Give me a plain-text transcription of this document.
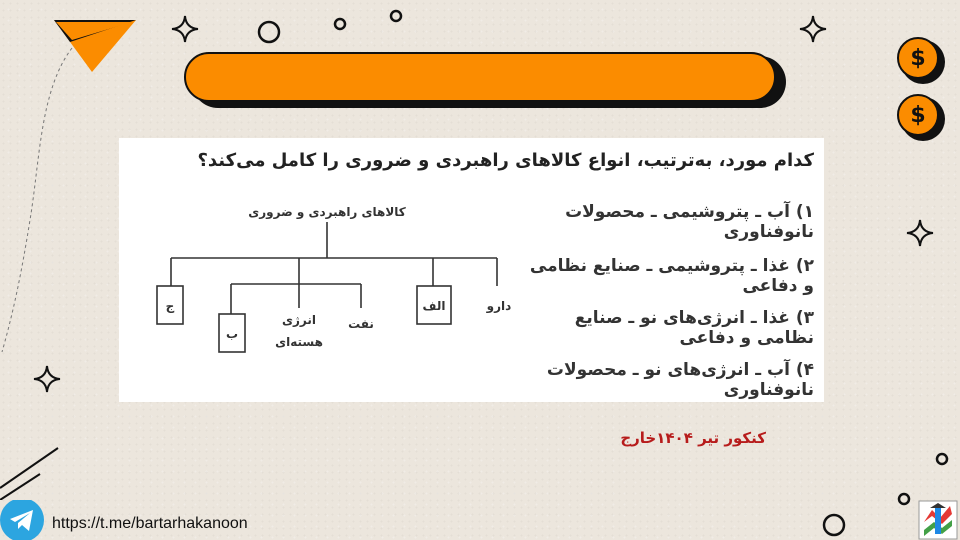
$
$
کدام مورد، به‌ترتیب، انواع کالاهای راهبردی و ضروری را کامل می‌کند؟
۱) آب ـ پتروشیمی ـ محصولات نانوفناوری
۲) غذا ـ پتروشیمی ـ صنایع نظامی و دفاعی
۳) غذا ـ انرژی‌های نو ـ صنایع نظامی و دفاعی
۴) آب ـ انرژی‌های نو ـ محصولات نانوفناوری
کالاهای راهبردی و ضروری
ج
ب
انرژی
هسته‌ای
نفت
الف	دارو
کنکور تیر ۱۴۰۴خارج
https://t.me/bartarhakanoon
